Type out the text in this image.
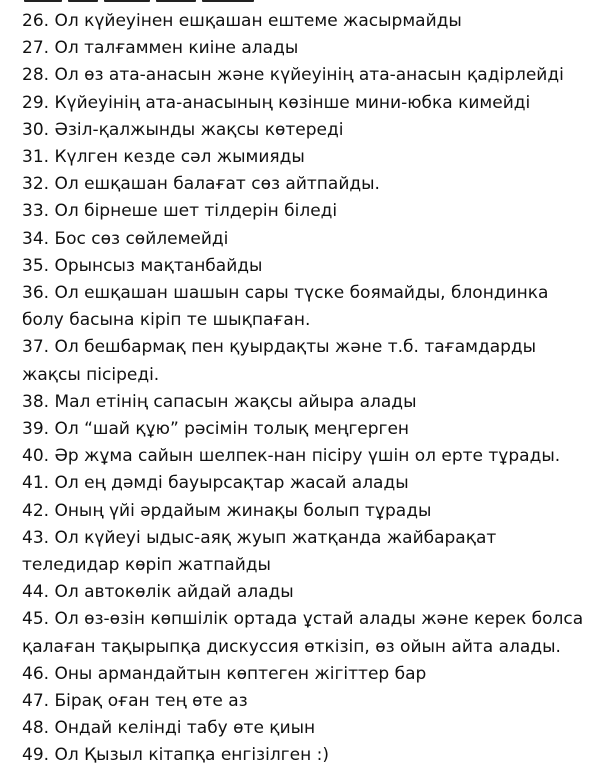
26. Ол күйеуінен ешқашан ештеме жасырмайды
27. Ол талғаммен киіне алады
28. Ол өз ата-анасын және күйеуінің ата-анасын қадірлейді
29. Күйеуінің ата-анасының көзінше мини-юбка кимейді
30. Әзіл-қалжынды жақсы көтереді
31. Күлген кезде сәл жымияды
32. Ол ешқашан балағат сөз айтпайды.
33. Ол бірнеше шет тілдерін біледі
34. Бос сөз сөйлемейді
35. Орынсыз мақтанбайды
36. Ол ешқашан шашын сары түске боямайды, блондинка болу басына кіріп те шықпаған.
37. Ол бешбармақ пен қуырдақты және т.б. тағамдарды жақсы пісіреді.
38. Мал етінің сапасын жақсы айыра алады
39. Ол “шай құю” рәсімін толық меңгерген
40. Әр жұма сайын шелпек-нан пісіру үшін ол ерте тұрады.
41. Ол ең дәмді бауырсақтар жасай алады
42. Оның үйі әрдайым жинақы болып тұрады
43. Ол күйеуі ыдыс-аяқ жуып жатқанда жайбарақат теледидар көріп жатпайды
44. Ол автокөлік айдай алады
45. Ол өз-өзін көпшілік ортада ұстай алады және керек болса қалаған тақырыпқа дискуссия өткізіп, өз ойын айта алады.
46. Оны армандайтын көптеген жігіттер бар
47. Бірақ оған тең өте аз
48. Ондай келінді табу өте қиын
49. Ол Қызыл кітапқа енгізілген :)
